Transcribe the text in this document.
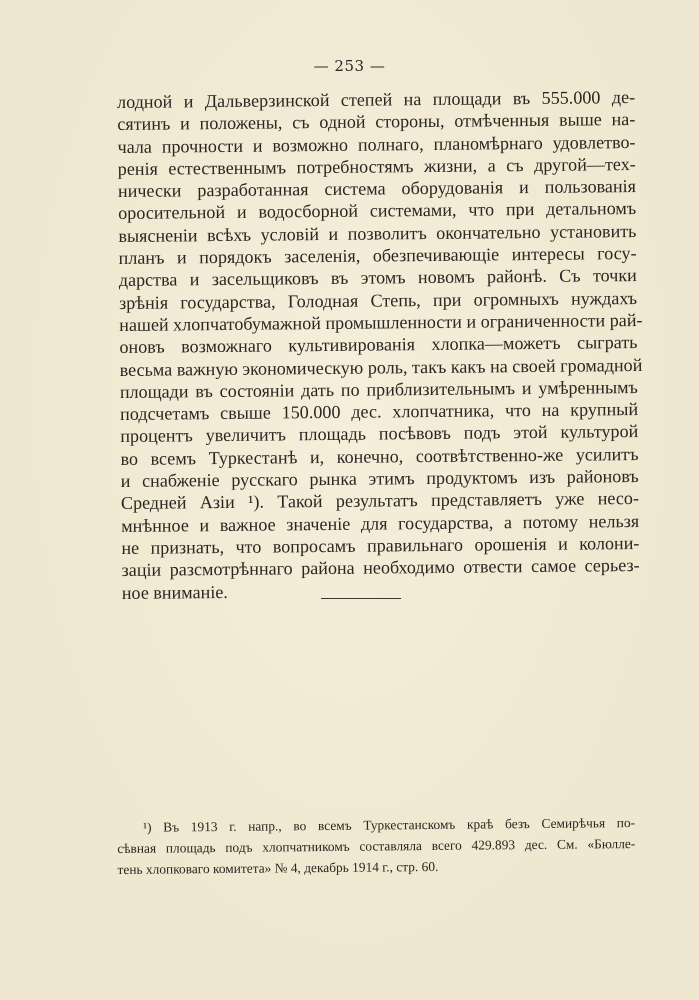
— 253 —
лодной и Дальверзинской степей на площади въ 555.000 де-
сятинъ и положены, съ одной стороны, отмѣченныя выше на-
чала прочности и возможно полнаго, планомѣрнаго удовлетво-
ренія естественнымъ потребностямъ жизни, а съ другой—тех-
нически разработанная система оборудованія и пользованія
оросительной и водосборной системами, что при детальномъ
выясненіи всѣхъ условій и позволитъ окончательно установить
планъ и порядокъ заселенія, обезпечивающіе интересы госу-
дарства и засельщиковъ въ этомъ новомъ районѣ. Съ точки
зрѣнія государства, Голодная Степь, при огромныхъ нуждахъ
нашей хлопчатобумажной промышленности и ограниченности рай-
оновъ возможнаго культивированія хлопка—можетъ сыграть
весьма важную экономическую роль, такъ какъ на своей громадной
площади въ состояніи дать по приблизительнымъ и умѣреннымъ
подсчетамъ свыше 150.000 дес. хлопчатника, что на крупный
процентъ увеличитъ площадь посѣвовъ подъ этой культурой
во всемъ Туркестанѣ и, конечно, соотвѣтственно-же усилитъ
и снабженіе русскаго рынка этимъ продуктомъ изъ районовъ
Средней Азіи ¹). Такой результатъ представляетъ уже несо-
мнѣнное и важное значеніе для государства, а потому нельзя
не признать, что вопросамъ правильнаго орошенія и колони-
заціи разсмотрѣннаго района необходимо отвести самое серьез-
ное вниманіе.
¹) Въ 1913 г. напр., во всемъ Туркестанскомъ краѣ безъ Семирѣчья по-
сѣвная площадь подъ хлопчатникомъ составляла всего 429.893 дес. См. «Бюлле-
тень хлопковаго комитета» № 4, декабрь 1914 г., стр. 60.
